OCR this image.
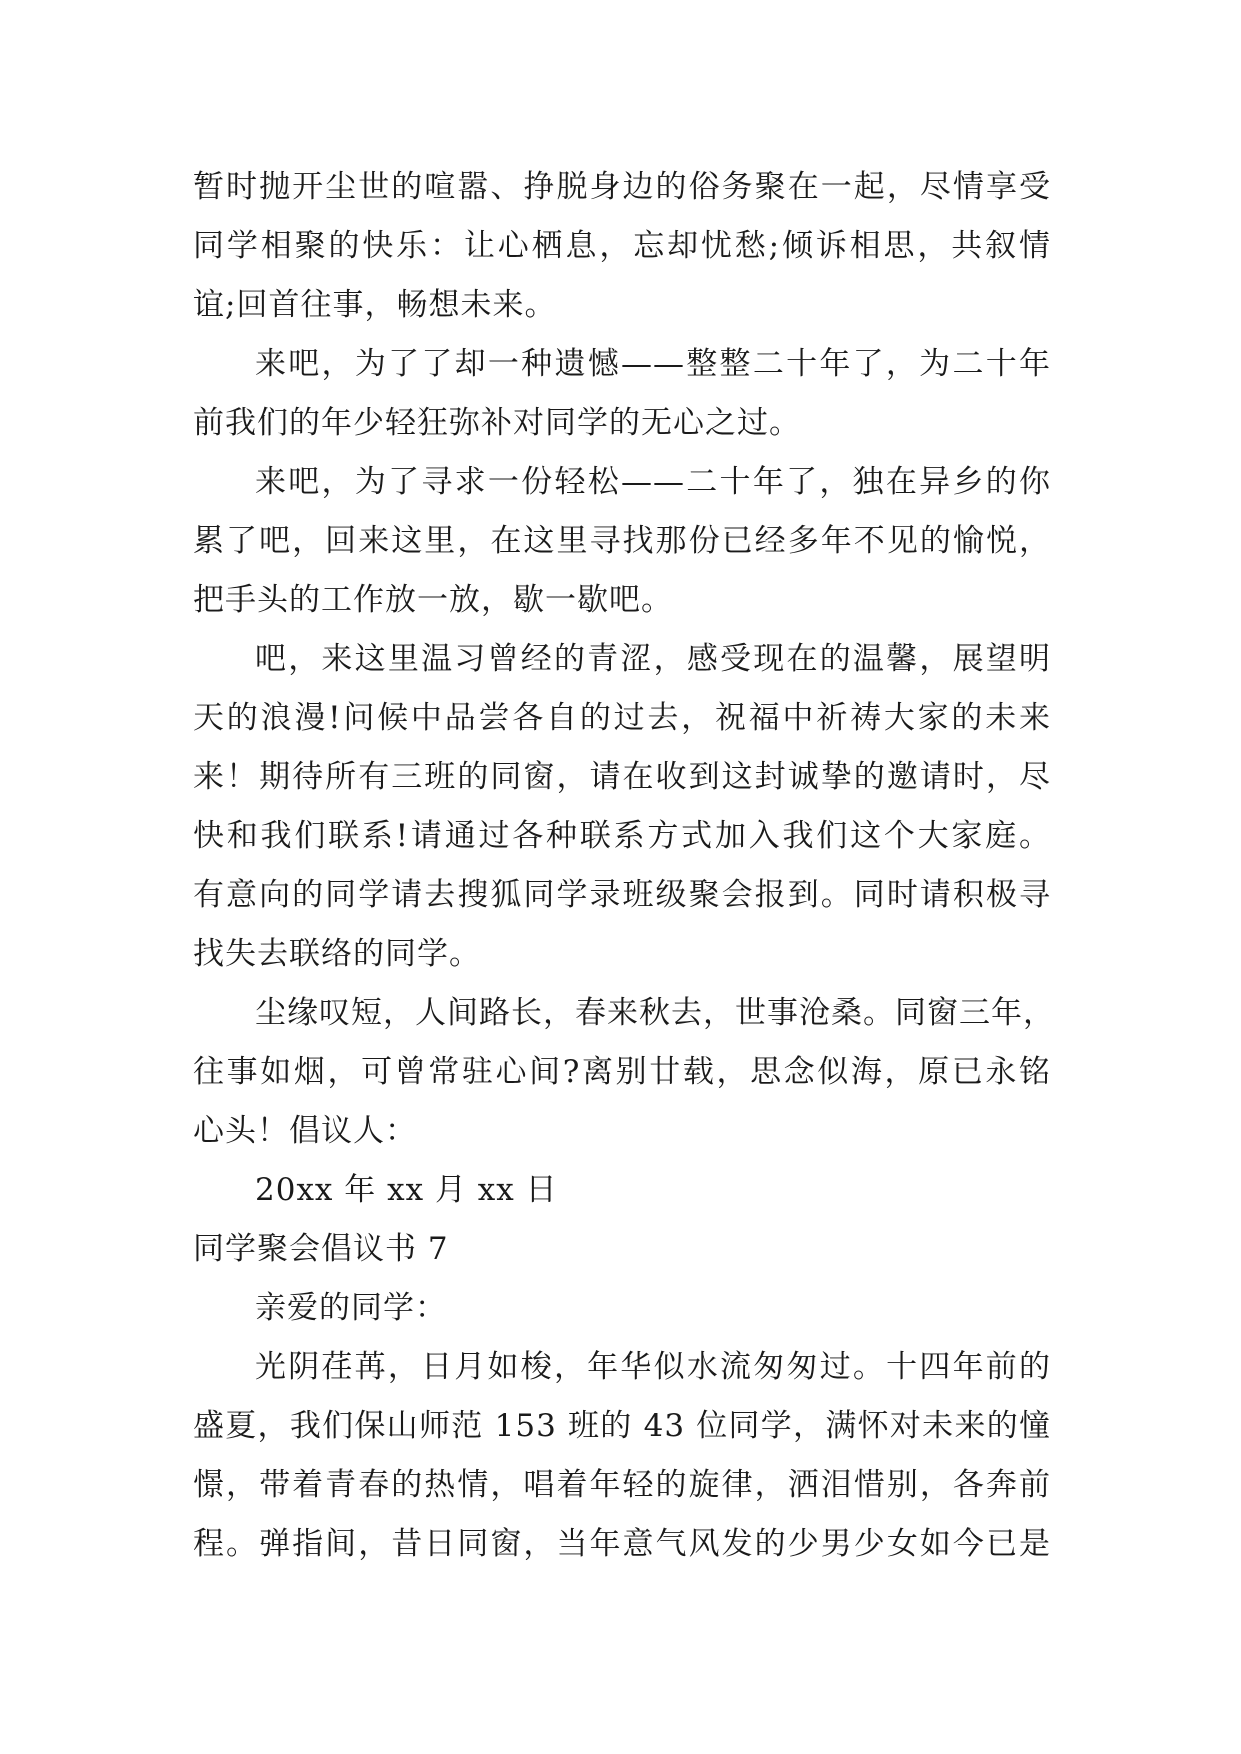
暂时抛开尘世的喧嚣、挣脱身边的俗务聚在一起，尽情享受
同学相聚的快乐：让心栖息，忘却忧愁;倾诉相思，共叙情
谊;回首往事，畅想未来。
来吧，为了了却一种遗憾——整整二十年了，为二十年
前我们的年少轻狂弥补对同学的无心之过。
来吧，为了寻求一份轻松——二十年了，独在异乡的你
累了吧，回来这里，在这里寻找那份已经多年不见的愉悦，
把手头的工作放一放，歇一歇吧。
吧，来这里温习曾经的青涩，感受现在的温馨，展望明
天的浪漫!问候中品尝各自的过去，祝福中祈祷大家的未来
来！期待所有三班的同窗，请在收到这封诚挚的邀请时，尽
快和我们联系!请通过各种联系方式加入我们这个大家庭。
有意向的同学请去搜狐同学录班级聚会报到。同时请积极寻
找失去联络的同学。
尘缘叹短，人间路长，春来秋去，世事沧桑。同窗三年，
往事如烟，可曾常驻心间?离别廿载，思念似海，原已永铭
心头！倡议人：
20xx 年 xx 月 xx 日
同学聚会倡议书 7
亲爱的同学：
光阴荏苒，日月如梭，年华似水流匆匆过。十四年前的
盛夏，我们保山师范 153 班的 43 位同学，满怀对未来的憧
憬，带着青春的热情，唱着年轻的旋律，洒泪惜别，各奔前
程。弹指间，昔日同窗，当年意气风发的少男少女如今已是
